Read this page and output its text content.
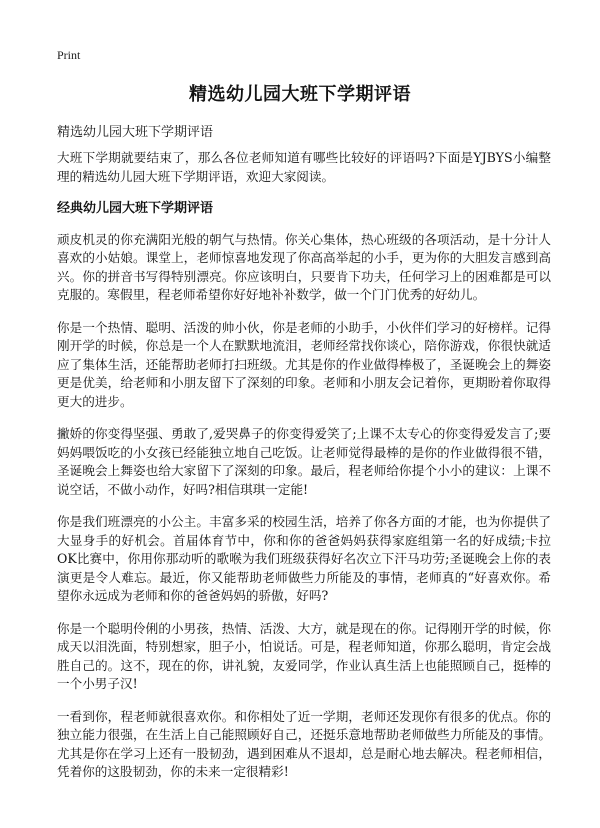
Print
精选幼儿园大班下学期评语
精选幼儿园大班下学期评语

大班下学期就要结束了，那么各位老师知道有哪些比较好的评语吗?下面是YJBYS小编整理的精选幼儿园大班下学期评语，欢迎大家阅读。

经典幼儿园大班下学期评语

顽皮机灵的你充满阳光般的朝气与热情。你关心集体，热心班级的各项活动，是十分计人喜欢的小姑娘。课堂上，老师惊喜地发现了你高高举起的小手，更为你的大胆发言感到高兴。你的拼音书写得特别漂亮。你应该明白，只要肯下功夫，任何学习上的困难都是可以克服的。寒假里，程老师希望你好好地补补数学，做一个门门优秀的好幼儿。

你是一个热情、聪明、活泼的帅小伙，你是老师的小助手，小伙伴们学习的好榜样。记得刚开学的时候，你总是一个人在默默地流泪，老师经常找你谈心，陪你游戏，你很快就适应了集体生活，还能帮助老师打扫班级。尤其是你的作业做得棒极了，圣诞晚会上的舞姿更是优美，给老师和小朋友留下了深刻的印象。老师和小朋友会记着你，更期盼着你取得更大的进步。

撇娇的你变得坚强、勇敢了,爱哭鼻子的你变得爱笑了;上课不太专心的你变得爱发言了;要妈妈喂饭吃的小女孩已经能独立地自己吃饭。让老师觉得最棒的是你的作业做得很不错，圣诞晚会上舞姿也给大家留下了深刻的印象。最后，程老师给你提个小小的建议：上课不说空话，不做小动作，好吗?相信琪琪一定能!

你是我们班漂亮的小公主。丰富多采的校园生活，培养了你各方面的才能，也为你提供了大显身手的好机会。首届体育节中，你和你的爸爸妈妈获得家庭组第一名的好成绩;卡拉OK比赛中，你用你那动听的歌喉为我们班级获得好名次立下汗马功劳;圣诞晚会上你的表演更是令人难忘。最近，你又能帮助老师做些力所能及的事情，老师真的“好喜欢你。希望你永远成为老师和你的爸爸妈妈的骄傲，好吗?

你是一个聪明伶俐的小男孩，热情、活泼、大方，就是现在的你。记得刚开学的时候，你成天以泪洗面，特别想家，胆子小，怕说话。可是，程老师知道，你那么聪明，肯定会战胜自己的。这不，现在的你，讲礼貌，友爱同学，作业认真生活上也能照顾自己，挺棒的一个小男子汉!

一看到你，程老师就很喜欢你。和你相处了近一学期，老师还发现你有很多的优点。你的独立能力很强，在生活上自己能照顾好自己，还挺乐意地帮助老师做些力所能及的事情。尤其是你在学习上还有一股韧劲，遇到困难从不退却，总是耐心地去解决。程老师相信，凭着你的这股韧劲，你的未来一定很精彩!
